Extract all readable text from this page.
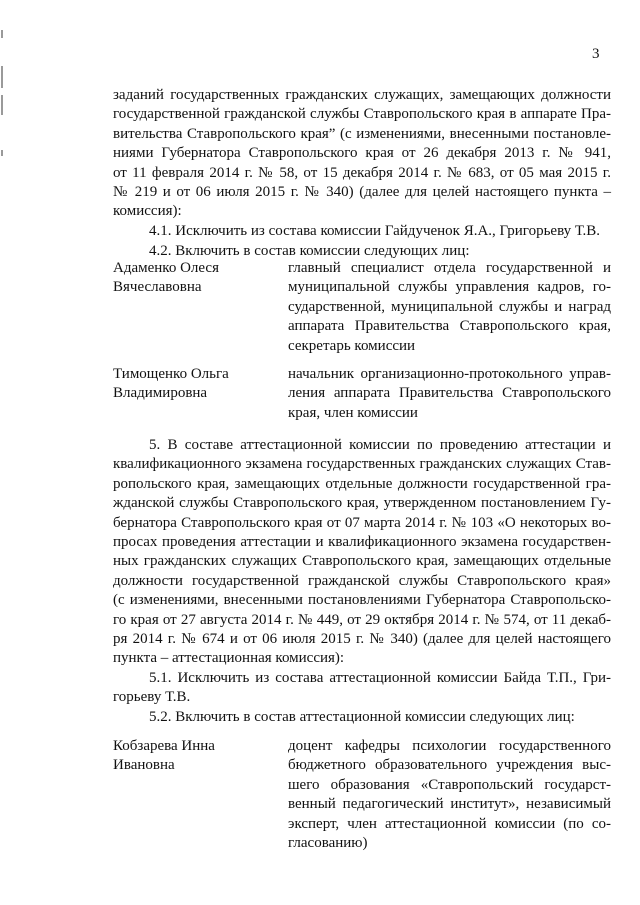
3
заданий государственных гражданских служащих, замещающих должности
государственной гражданской службы Ставропольского края в аппарате Пра-
вительства Ставропольского края” (с изменениями, внесенными постановле-
ниями Губернатора Ставропольского края от 26 декабря 2013 г. № 941,
от 11 февраля 2014 г. № 58, от 15 декабря 2014 г. № 683, от 05 мая 2015 г.
№ 219 и от 06 июля 2015 г. № 340) (далее для целей настоящего пункта –
комиссия):
4.1. Исключить из состава комиссии Гайдученок Я.А., Григорьеву Т.В.
4.2. Включить в состав комиссии следующих лиц:
Адаменко Олеся
Вячеславовна
главный специалист отдела государственной и
муниципальной службы управления кадров, го-
сударственной, муниципальной службы и наград
аппарата Правительства Ставропольского края,
секретарь комиссии
Тимощенко Ольга
Владимировна
начальник организационно-протокольного управ-
ления аппарата Правительства Ставропольского
края, член комиссии
5. В составе аттестационной комиссии по проведению аттестации и
квалификационного экзамена государственных гражданских служащих Став-
ропольского края, замещающих отдельные должности государственной гра-
жданской службы Ставропольского края, утвержденном постановлением Гу-
бернатора Ставропольского края от 07 марта 2014 г. № 103 «О некоторых во-
просах проведения аттестации и квалификационного экзамена государствен-
ных гражданских служащих Ставропольского края, замещающих отдельные
должности государственной гражданской службы Ставропольского края»
(с изменениями, внесенными постановлениями Губернатора Ставропольско-
го края от 27 августа 2014 г. № 449, от 29 октября 2014 г. № 574, от 11 декаб-
ря 2014 г. № 674 и от 06 июля 2015 г. № 340) (далее для целей настоящего
пункта – аттестационная комиссия):
5.1. Исключить из состава аттестационной комиссии Байда Т.П., Гри-
горьеву Т.В.
5.2. Включить в состав аттестационной комиссии следующих лиц:
Кобзарева Инна
Ивановна
доцент кафедры психологии государственного
бюджетного образовательного учреждения выс-
шего образования «Ставропольский государст-
венный педагогический институт», независимый
эксперт, член аттестационной комиссии (по со-
гласованию)
